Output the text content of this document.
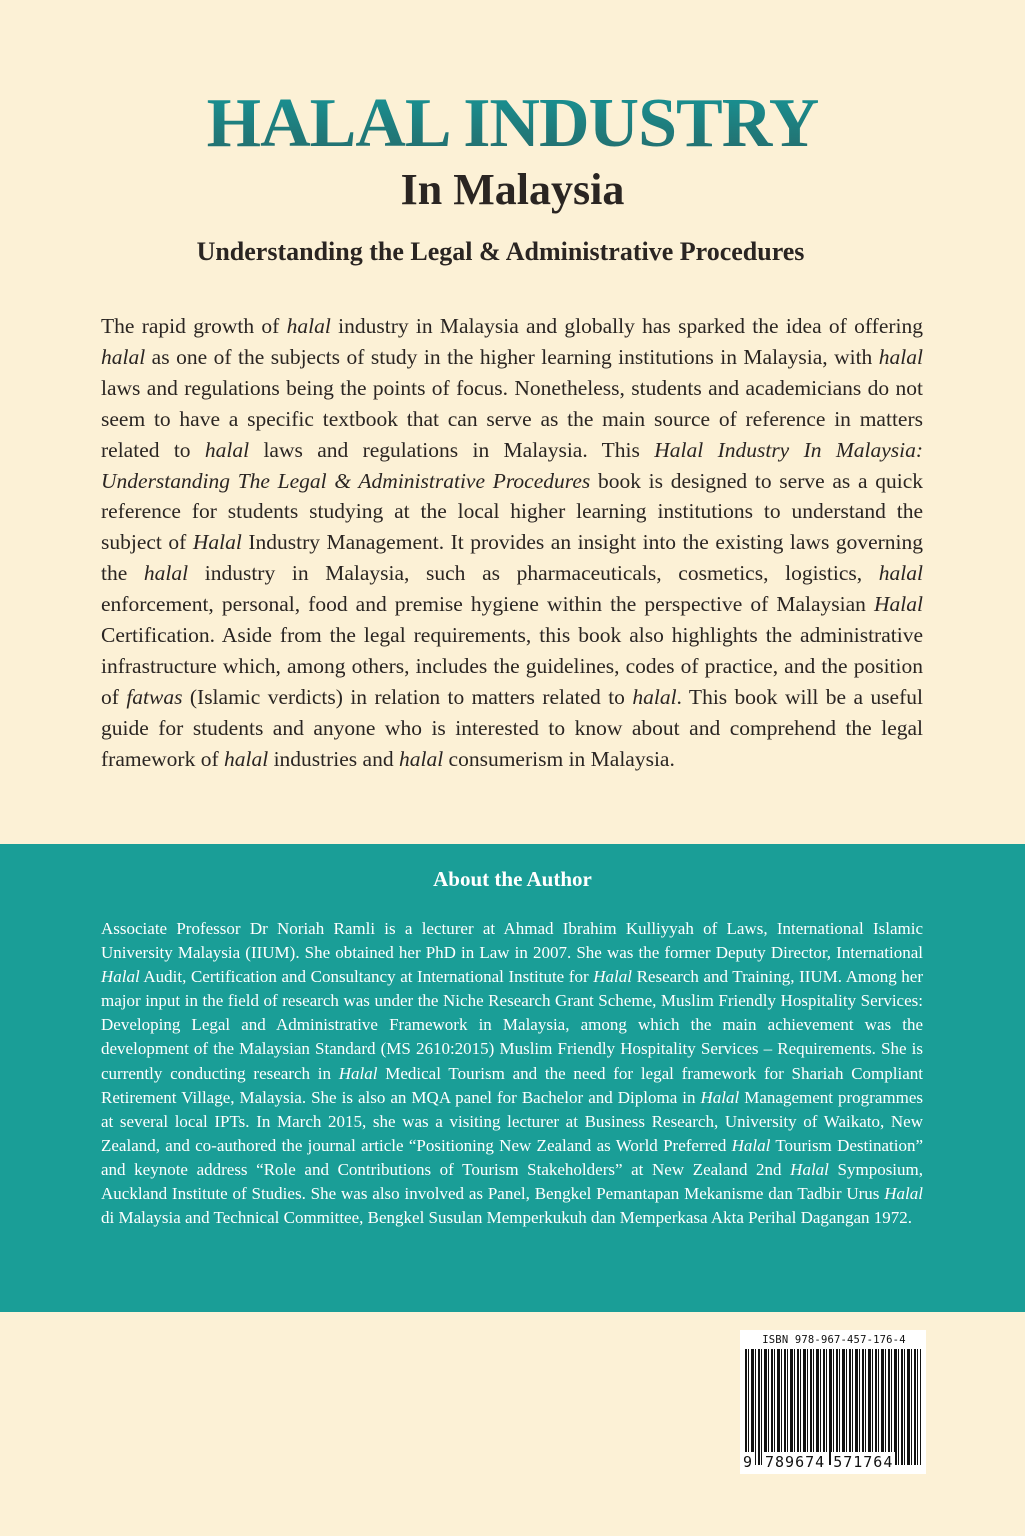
HALAL INDUSTRY
In Malaysia
Understanding the Legal & Administrative Procedures

The rapid growth of halal industry in Malaysia and globally has sparked the idea of offering halal as one of the subjects of study in the higher learning institutions in Malaysia, with halal laws and regulations being the points of focus. Nonetheless, students and academicians do not seem to have a specific textbook that can serve as the main source of reference in matters related to halal laws and regulations in Malaysia. This Halal Industry In Malaysia: Understanding The Legal & Administrative Procedures book is designed to serve as a quick reference for students studying at the local higher learning institutions to understand the subject of Halal Industry Management. It provides an insight into the existing laws governing the halal industry in Malaysia, such as pharmaceuticals, cosmetics, logistics, halal enforcement, personal, food and premise hygiene within the perspective of Malaysian Halal Certification. Aside from the legal requirements, this book also highlights the administrative infrastructure which, among others, includes the guidelines, codes of practice, and the position of fatwas (Islamic verdicts) in relation to matters related to halal. This book will be a useful guide for students and anyone who is interested to know about and comprehend the legal framework of halal industries and halal consumerism in Malaysia.

About the Author

Associate Professor Dr Noriah Ramli is a lecturer at Ahmad Ibrahim Kulliyyah of Laws, International Islamic University Malaysia (IIUM). She obtained her PhD in Law in 2007. She was the former Deputy Director, International Halal Audit, Certification and Consultancy at International Institute for Halal Research and Training, IIUM. Among her major input in the field of research was under the Niche Research Grant Scheme, Muslim Friendly Hospitality Services: Developing Legal and Administrative Framework in Malaysia, among which the main achievement was the development of the Malaysian Standard (MS 2610:2015) Muslim Friendly Hospitality Services – Requirements. She is currently conducting research in Halal Medical Tourism and the need for legal framework for Shariah Compliant Retirement Village, Malaysia. She is also an MQA panel for Bachelor and Diploma in Halal Management programmes at several local IPTs. In March 2015, she was a visiting lecturer at Business Research, University of Waikato, New Zealand, and co-authored the journal article “Positioning New Zealand as World Preferred Halal Tourism Destination” and keynote address “Role and Contributions of Tourism Stakeholders” at New Zealand 2nd Halal Symposium, Auckland Institute of Studies. She was also involved as Panel, Bengkel Pemantapan Mekanisme dan Tadbir Urus Halal di Malaysia and Technical Committee, Bengkel Susulan Memperkukuh dan Memperkasa Akta Perihal Dagangan 1972.

ISBN 978-967-457-176-4
9 789674 571764
